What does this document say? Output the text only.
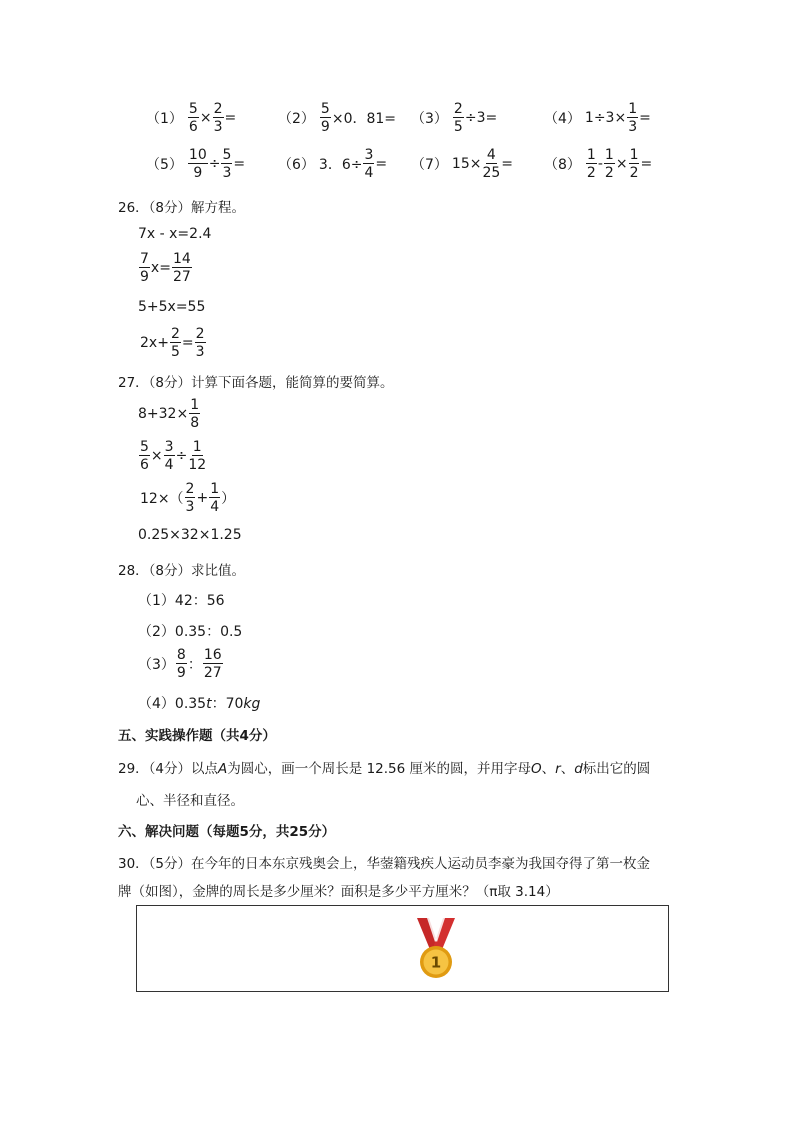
$(1) \frac{5}{6} \times \frac{2}{3}$ =	$(2) \frac{5}{9} \times 0$．$81= (3) \frac{2}{5} \div 3=$	（4） $1\div 3\times \frac{1}{3}$ =
$(5) \frac{10}{9} \div \frac{5}{3} = (6)$ 3．$6\div \frac{3}{4} = (7)$ $15\times \frac{4}{25} = (8) \frac{1}{2} - \frac{1}{2} \times \frac{1}{2}$ =
26．（8分）解方程。
7x - x=2.4
$\frac{7}{9} x= \frac{14}{27}$
5+5x=55
$2x+ \frac{2}{5} = \frac{2}{3}$
27．（8分）计算下面各题，能简算的要简算。
$8+32\times \frac{1}{8}$
$\frac{5}{6} \times \frac{3}{4} \div \frac{1}{12}$
$12\times( \frac{2}{3} + \frac{1}{4}$ ）
0.25×32×1.25
28．（8分）求比值。
（1）42：56
（2）0.35：0.5
$(3) \frac{8}{9}$ ： $\frac{16}{27}$
（4）0.35t：70kg
五、实践操作题（共4分）
29．（4分）以点A为圆心，画一个周长是 12.56 厘米的圆，并用字母O、r、d标出它的圆
心、半径和直径。
六、解决问题（每题5分，共25分）
30．（5分）在今年的日本东京残奥会上，华蓥籍残疾人运动员李豪为我国夺得了第一枚金
牌（如图），金牌的周长是多少厘米？面积是多少平方厘米？（π取 3.14）
1
